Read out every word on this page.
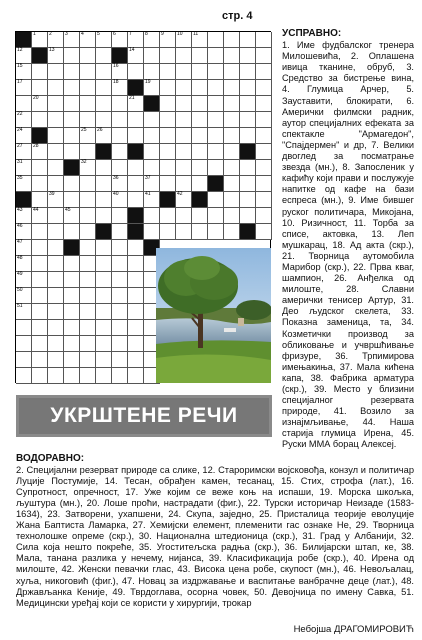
стр. 4
1	2	3	4	5	6	7	8	9	10 11
12	13	14
15	16
17	18	19
20	21
22
24	25 26
27 28
31	32
35	36	37
39	40	41	42
43 44	45
46
47
48
49
50
51
УСПРАВНО:
1. Име фудбалског тренера Милошевића, 2. Оплашена ивица тканине, обруб, 3. Средство за бистрење вина, 4. Глумица Арчер, 5. Зауставити, блокирати, 6. Амерички филмски радник, аутор специјалних ефеката за спектакле "Армагедон", "Спајдермен" и др, 7. Велики двоглед за посматрање звезда (мн.), 8. Запосленик у кафићу који прави и послужује напитке од кафе на бази еспреса (мн.), 9. Име бившег руског политичара, Микојана, 10. Ризичност, 11. Торба за списе, актовка, 13. Леп мушкарац, 18. Ад акта (скр.), 21. Творница аутомобила Марибор (скр.), 22. Прва кваг, шампион, 26. Анђелка од милоште, 28. Славни амерички тенисер Артур, 31. Део људског скелета, 33. Показна заменица, та, 34. Козметички производ за обликовање и учвршћивање фризуре, 36. Трпимирова имењакиња, 37. Мала кићена капа, 38. Фабрика арматура (скр.), 39. Место у близини специјалног резервата природе, 41. Возило за изнајмљивање, 44. Наша старија глумица Ирена, 45. Руски ММА борац Алексеј.
УКРШТЕНЕ РЕЧИ
ВОДОРАВНО:
2. Специјални резерват природе са слике, 12. Староримски војсковођа, конзул и политичар Луције Постумије, 14. Тесан, обрађен камен, тесанац, 15. Стих, строфа (лат.), 16. Супротност, опречност, 17. Уже којим се веже коњ на испаши, 19. Морска шкољка, љуштура (мн.), 20. Лоше проћи, настрадати (фиг.), 22. Турски историчар Неизаде (1583-1634), 23. Затворени, ухапшени, 24. Скупа, заједно, 25. Присталица теорије еволуције Жана Баптиста Ламарка, 27. Хемијски елемент, племенити гас ознаке Не, 29. Творница технолошке опреме (скр.), 30. Национална штедионица (скр.), 31. Град у Албанији, 32. Сила која нешто покреће, 35. Угоститељска радња (скр.), 36. Билијарски штап, ке, 38. Мала, танана разлика у нечему, нијанса, 39. Класификација робе (скр.), 40. Ирена од милоште, 42. Женски певачки глас, 43. Висока цена робе, скупост (мн.), 46. Невољалац, хуља, никоговић (фиг.), 47. Новац за издржавање и васпитање ванбрачне деце (лат.), 48. Држављанка Кеније, 49. Тврдоглава, осорна човек, 50. Девојчица по имену Савка, 51. Медицински уређај који се користи у хирургији, трокар
Небојша ДРАГОМИРОВИЋ
